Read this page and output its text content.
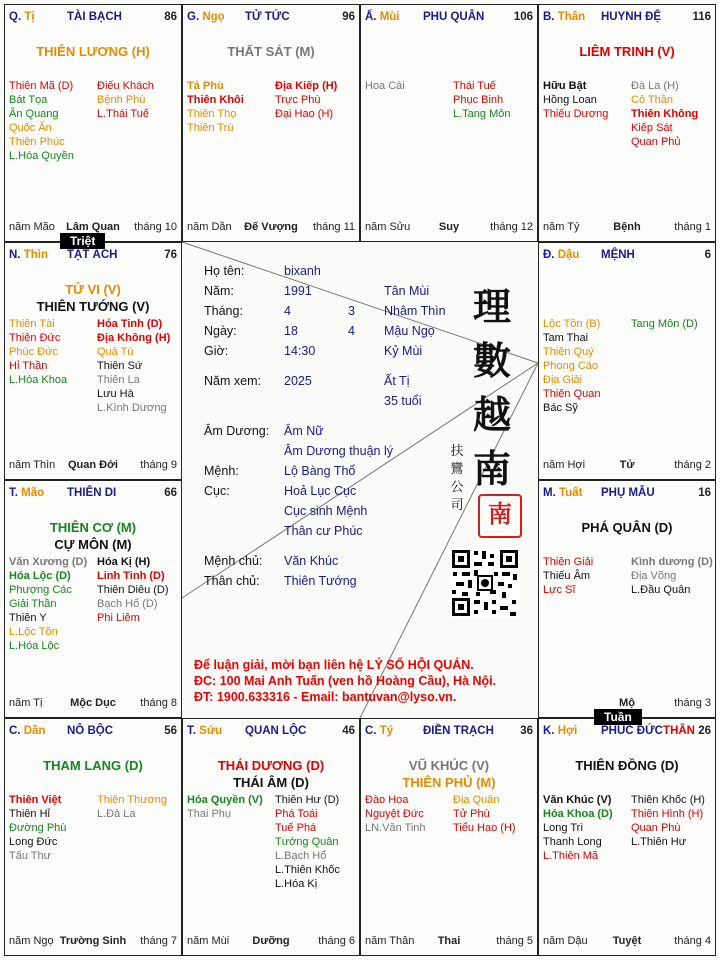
Q. Tị	TÀI BẠCH	86
THIÊN LƯƠNG (H)
Thiên Mã (D)
Bát Tọa
Ân Quang
Quốc Ấn
Thiên Phúc
L.Hóa Quyền
Điếu Khách
Bệnh Phù
L.Thái Tuế
năm Mão	Lâm Quan	tháng 10
G. Ngọ TỬ TỨC	96
THẤT SÁT (M)
Tả Phù
Thiên Khôi
Thiên Thọ
Thiên Trù
Địa Kiếp (H)
Trực Phù
Đại Hao (H)
năm Dần	Đế Vượng	tháng 11
Ấ. Mùi PHU QUÂN	106
Hoa Cái	Thái Tuế
Phục Binh
L.Tang Môn
năm Sửu	Suy	tháng 12
B. Thân HUYNH ĐỆ	116
LIÊM TRINH (V)
Hữu Bật
Hồng Loan
Thiếu Dương
Đà La (H)
Cô Thần
Thiên Không
Kiếp Sát
Quan Phủ
năm Tý	Bệnh	tháng 1
N. Thìn TẬT ÁCH	76
TỬ VI (V)
THIÊN TƯỚNG (V)
Thiên Tài
Thiên Đức
Phúc Đức
Hỉ Thần
L.Hóa Khoa
Hỏa Tinh (D)
Địa Không (H)
Quả Tú
Thiên Sứ
Thiên La
Lưu Hà
L.Kình Dương
năm Thìn	Quan Đới	tháng 9
Đ. Dậu MỆNH	6
Lộc Tồn (B)
Tam Thai
Thiên Quý
Phong Cáo
Địa Giải
Thiên Quan
Bác Sỹ
Tang Môn (D)
năm Hợi	Tử	tháng 2
T. Mão THIÊN DI	66
THIÊN CƠ (M)
CỰ MÔN (M)
Văn Xương (D)
Hóa Lộc (D)
Phượng Các
Giải Thần
Thiên Y
L.Lộc Tồn
L.Hóa Lộc
Hóa Kị (H)
Linh Tinh (D)
Thiên Diêu (D)
Bạch Hổ (D)
Phi Liêm
năm Tị	Mộc Dục	tháng 8
M. Tuất PHỤ MẪU	16
PHÁ QUÂN (D)
Thiên Giải
Thiếu Âm
Lực Sĩ
Kình dương (D)
Địa Võng
L.Đầu Quân
Mộ	tháng 3
C. Dần NÔ BỘC	56
THAM LANG (D)
Thiên Việt
Thiên Hỉ
Đường Phù
Long Đức
Tấu Thư
Thiên Thương
L.Đà La
năm Ngọ Trường Sinh	tháng 7
T. Sửu QUAN LỘC	46
THÁI DƯƠNG (D)
THÁI ÂM (D)
Hóa Quyền (V)
Thai Phụ
Thiên Hư (D)
Phá Toái
Tuế Phá
Tướng Quân
L.Bạch Hổ
L.Thiên Khốc
L.Hóa Kị
năm Mùi	Dưỡng	tháng 6
C. Tý	ĐIỀN TRẠCH 36
VŨ KHÚC (V)
THIÊN PHỦ (M)
Đào Hoa
Nguyệt Đức
LN.Văn Tinh
Địa Quân
Tử Phù
Tiểu Hao (H)
năm Thân	Thai	tháng 5
K. Hợi PHÚC ĐỨC THÂN 26
THIÊN ĐỒNG (D)
Văn Khúc (V)
Hóa Khoa (D)
Long Trì
Thanh Long
L.Thiên Mã
Thiên Khốc (H)
Thiên Hình (H)
Quan Phù
L.Thiên Hư
năm Dậu	Tuyệt	tháng 4
Triệt
Tuần
Họ tên:	bixanh
Năm:	1991	Tân Mùi
Tháng:	4	3 Nhâm Thìn
Ngày:	18	4 Mậu Ngọ
Giờ:	14:30	Kỷ Mùi
Năm xem: 2025	Ất Tị
35 tuổi
Âm Dương: Âm Nữ
Âm Dương thuận lý
Mệnh:	Lộ Bàng Thổ
Cục:	Hoả Lục Cục
Cục sinh Mệnh
Thân cư Phúc
Mệnh chủ: Văn Khúc
Thân chủ: Thiên Tướng
理
數
越
南
扶
鸞
公
司	南
Để luận giải, mời bạn liên hệ LÝ SỐ HỘI QUÁN.
ĐC: 100 Mai Anh Tuấn (ven hồ Hoàng Cầu), Hà Nội.
ĐT: 1900.633316 - Email: bantuvan@lyso.vn.
